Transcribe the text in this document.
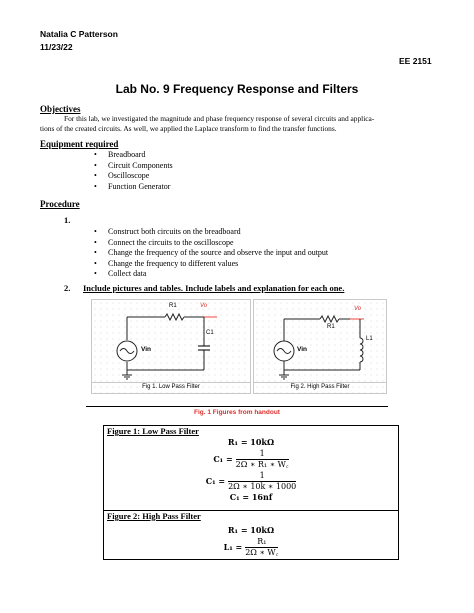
Natalia C Patterson
11/23/22
EE 2151
Lab No. 9 Frequency Response and Filters
Objectives
For this lab, we investigated the magnitude and phase frequency response of several circuits and applica-
tions of the created circuits. As well, we applied the Laplace transform to find the transfer functions.
Equipment required
• Breadboard
• Circuit Components
• Oscilloscope
• Function Generator
Procedure
1.
• Construct both circuits on the breadboard
• Connect the circuits to the oscilloscope
• Change the frequency of the source and observe the input and output
• Change the frequency to different values
• Collect data
2. Include pictures and tables. Include labels and explanation for each one.
R1	Vo
C1
Vin
Fig 1. Low Pass Filter
Vo
R1
L1
Vin
Fig 2. High Pass Filter
Fig. 1 Figures from handout
Figure 1: Low Pass Filter
R₁ = 10kΩ
$C_1 = \frac{1}{\text{2Ω ∗ R₁ ∗ W꜀}}$
$C_1 = \frac{1}{2\Omega ∗ 10k ∗ 1000}$
C₁ = 16nf

Figure 2: High Pass Filter
R₁ = 10kΩ
$L_1 = \frac{\text{R₁}}{2\Omega ∗ W꜀}$
